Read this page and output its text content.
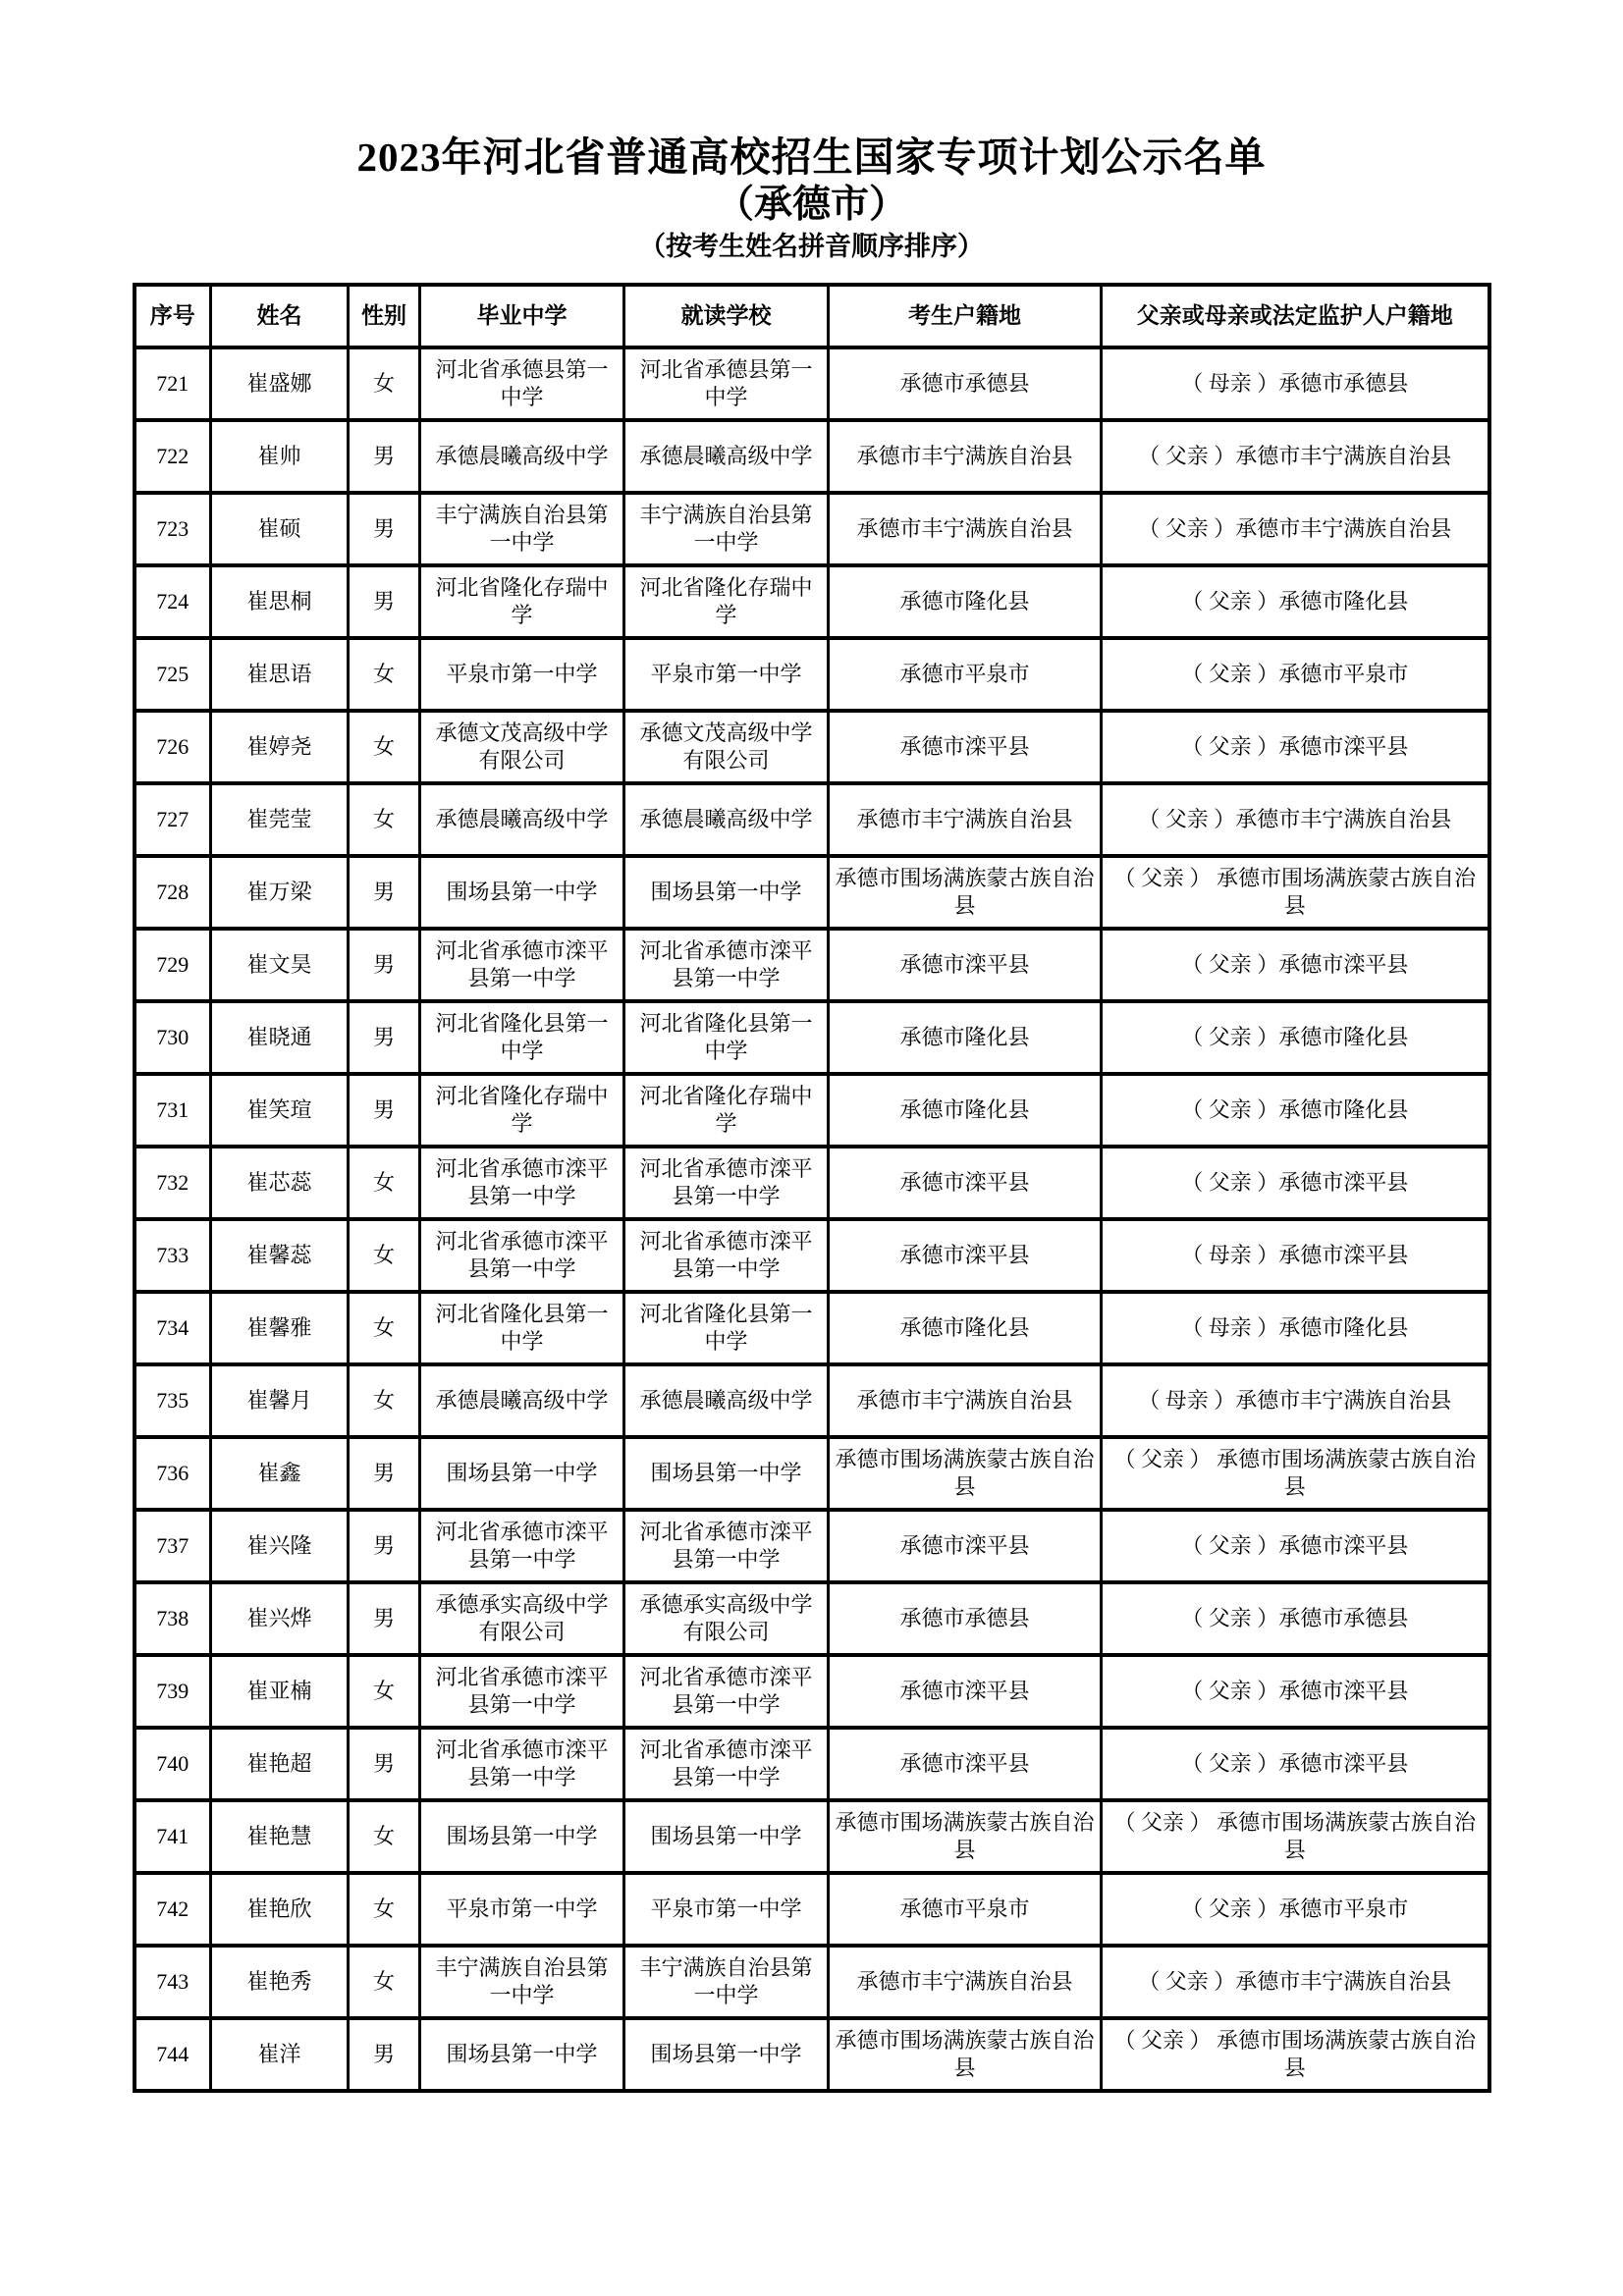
2023年河北省普通高校招生国家专项计划公示名单
（承德市）
（按考生姓名拼音顺序排序）
序号	姓名	性别	毕业中学	就读学校	考生户籍地	父亲或母亲或法定监护人户籍地
721	崔盛娜	女	河北省承德县第一中学	河北省承德县第一中学	承德市承德县	（ 母亲 ）承德市承德县
722	崔帅	男	承德晨曦高级中学	承德晨曦高级中学	承德市丰宁满族自治县	（ 父亲 ）承德市丰宁满族自治县
723	崔硕	男	丰宁满族自治县第一中学	丰宁满族自治县第一中学	承德市丰宁满族自治县	（ 父亲 ）承德市丰宁满族自治县
724	崔思桐	男	河北省隆化存瑞中学	河北省隆化存瑞中学	承德市隆化县	（ 父亲 ）承德市隆化县
725	崔思语	女	平泉市第一中学	平泉市第一中学	承德市平泉市	（ 父亲 ）承德市平泉市
726	崔婷尧	女	承德文茂高级中学有限公司	承德文茂高级中学有限公司	承德市滦平县	（ 父亲 ）承德市滦平县
727	崔莞莹	女	承德晨曦高级中学	承德晨曦高级中学	承德市丰宁满族自治县	（ 父亲 ）承德市丰宁满族自治县
728	崔万梁	男	围场县第一中学	围场县第一中学	承德市围场满族蒙古族自治县	（ 父亲 ） 承德市围场满族蒙古族自治县
729	崔文昊	男	河北省承德市滦平县第一中学	河北省承德市滦平县第一中学	承德市滦平县	（ 父亲 ）承德市滦平县
730	崔晓通	男	河北省隆化县第一中学	河北省隆化县第一中学	承德市隆化县	（ 父亲 ）承德市隆化县
731	崔笑瑄	男	河北省隆化存瑞中学	河北省隆化存瑞中学	承德市隆化县	（ 父亲 ）承德市隆化县
732	崔芯蕊	女	河北省承德市滦平县第一中学	河北省承德市滦平县第一中学	承德市滦平县	（ 父亲 ）承德市滦平县
733	崔馨蕊	女	河北省承德市滦平县第一中学	河北省承德市滦平县第一中学	承德市滦平县	（ 母亲 ）承德市滦平县
734	崔馨雅	女	河北省隆化县第一中学	河北省隆化县第一中学	承德市隆化县	（ 母亲 ）承德市隆化县
735	崔馨月	女	承德晨曦高级中学	承德晨曦高级中学	承德市丰宁满族自治县	（ 母亲 ）承德市丰宁满族自治县
736	崔鑫	男	围场县第一中学	围场县第一中学	承德市围场满族蒙古族自治县	（ 父亲 ） 承德市围场满族蒙古族自治县
737	崔兴隆	男	河北省承德市滦平县第一中学	河北省承德市滦平县第一中学	承德市滦平县	（ 父亲 ）承德市滦平县
738	崔兴烨	男	承德承实高级中学有限公司	承德承实高级中学有限公司	承德市承德县	（ 父亲 ）承德市承德县
739	崔亚楠	女	河北省承德市滦平县第一中学	河北省承德市滦平县第一中学	承德市滦平县	（ 父亲 ）承德市滦平县
740	崔艳超	男	河北省承德市滦平县第一中学	河北省承德市滦平县第一中学	承德市滦平县	（ 父亲 ）承德市滦平县
741	崔艳慧	女	围场县第一中学	围场县第一中学	承德市围场满族蒙古族自治县	（ 父亲 ） 承德市围场满族蒙古族自治县
742	崔艳欣	女	平泉市第一中学	平泉市第一中学	承德市平泉市	（ 父亲 ）承德市平泉市
743	崔艳秀	女	丰宁满族自治县第一中学	丰宁满族自治县第一中学	承德市丰宁满族自治县	（ 父亲 ）承德市丰宁满族自治县
744	崔洋	男	围场县第一中学	围场县第一中学	承德市围场满族蒙古族自治县	（ 父亲 ） 承德市围场满族蒙古族自治县
